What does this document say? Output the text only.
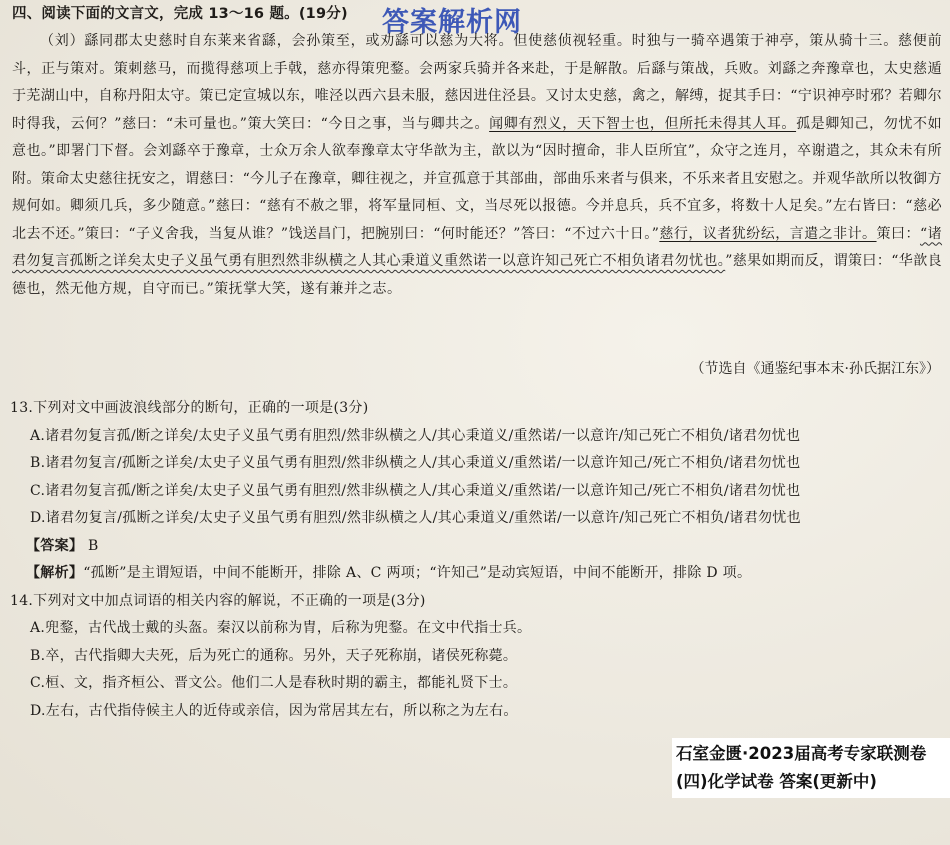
四、阅读下面的文言文，完成 13～16 题。(19分) 答案解析网

（刘）繇同郡太史慈时自东莱来省繇，会孙策至，或劝繇可以慈为大将。但使慈侦视轻重。时独与一骑卒遇策于神亭，策从骑十三。慈便前斗，正与策对。策刺慈马，而揽得慈项上手戟，慈亦得策兜鍪。会两家兵骑并各来赴，于是解散。后繇与策战，兵败。刘繇之奔豫章也，太史慈遁于芜湖山中，自称丹阳太守。策已定宣城以东，唯泾以西六县未服，慈因进住泾县。又讨太史慈，禽之，解缚，捉其手曰：“宁识神亭时邪？若卿尔时得我，云何？”慈曰：“未可量也。”策大笑曰：“今日之事，当与卿共之。闻卿有烈义，天下智士也，但所托未得其人耳。孤是卿知己，勿忧不如意也。”即署门下督。会刘繇卒于豫章，士众万余人欲奉豫章太守华歆为主，歆以为“因时擅命，非人臣所宜”，众守之连月，卒谢遣之，其众未有所附。策命太史慈往抚安之，谓慈曰：“今儿子在豫章，卿往视之，并宣孤意于其部曲，部曲乐来者与俱来，不乐来者且安慰之。并观华歆所以牧御方规何如。卿须几兵，多少随意。”慈曰：“慈有不赦之罪，将军量同桓、文，当尽死以报德。今并息兵，兵不宜多，将数十人足矣。”左右皆曰：“慈必北去不还。”策曰：“子义舍我，当复从谁？”饯送昌门，把腕别曰：“何时能还？”答曰：“不过六十日。”慈行，议者犹纷纭，言遣之非计。策曰：“诸君勿复言孤断之详矣太史子义虽气勇有胆烈然非纵横之人其心秉道义重然诺一以意许知己死亡不相负诸君勿忧也。”慈果如期而反，谓策曰：“华歆良德也，然无他方规，自守而已。”策抚掌大笑，遂有兼并之志。

（节选自《通鉴纪事本末·孙氏据江东》）
13.下列对文中画波浪线部分的断句，正确的一项是(3分)
A.诸君勿复言孤/断之详矣/太史子义虽气勇有胆烈/然非纵横之人/其心秉道义/重然诺/一以意许/知己死亡不相负/诸君勿忧也
B.诸君勿复言/孤断之详矣/太史子义虽气勇有胆烈/然非纵横之人/其心秉道义/重然诺/一以意许知己/死亡不相负/诸君勿忧也
C.诸君勿复言孤/断之详矣/太史子义虽气勇有胆烈/然非纵横之人/其心秉道义/重然诺/一以意许知己/死亡不相负/诸君勿忧也
D.诸君勿复言/孤断之详矣/太史子义虽气勇有胆烈/然非纵横之人/其心秉道义/重然诺/一以意许/知己死亡不相负/诸君勿忧也
【答案】 B
【解析】“孤断”是主谓短语，中间不能断开，排除 A、C 两项；“许知己”是动宾短语，中间不能断开，排除 D 项。
14.下列对文中加点词语的相关内容的解说，不正确的一项是(3分)
A.兜鍪，古代战士戴的头盔。秦汉以前称为胄，后称为兜鍪。在文中代指士兵。
B.卒，古代指卿大夫死，后为死亡的通称。另外，天子死称崩，诸侯死称薨。
C.桓、文，指齐桓公、晋文公。他们二人是春秋时期的霸主，都能礼贤下士。
D.左右，古代指侍候主人的近侍或亲信，因为常居其左右，所以称之为左右。
石室金匮·2023届高考专家联测卷(四)化学试卷 答案(更新中)
